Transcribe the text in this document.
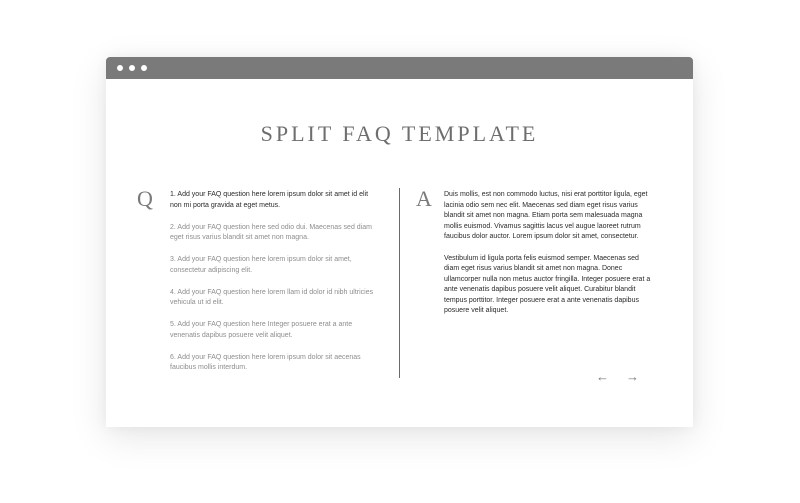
SPLIT FAQ TEMPLATE
Q 1. Add your FAQ question here lorem ipsum dolor sit amet id elit non mi porta gravida at eget metus.
2. Add your FAQ question here sed odio dui. Maecenas sed diam eget risus varius blandit sit amet non magna.
3. Add your FAQ question here lorem ipsum dolor sit amet, consectetur adipiscing elit.
4. Add your FAQ question here lorem llam id dolor id nibh ultricies vehicula ut id elit.
5. Add your FAQ question here Integer posuere erat a ante venenatis dapibus posuere velit aliquet.
6. Add your FAQ question here lorem ipsum dolor sit aecenas faucibus mollis interdum.
A Duis mollis, est non commodo luctus, nisi erat porttitor ligula, eget lacinia odio sem nec elit. Maecenas sed diam eget risus varius blandit sit amet non magna. Etiam porta sem malesuada magna mollis euismod. Vivamus sagittis lacus vel augue laoreet rutrum faucibus dolor auctor. Lorem ipsum dolor sit amet, consectetur.

Vestibulum id ligula porta felis euismod semper. Maecenas sed diam eget risus varius blandit sit amet non magna. Donec ullamcorper nulla non metus auctor fringilla. Integer posuere erat a ante venenatis dapibus posuere velit aliquet. Curabitur blandit tempus porttitor. Integer posuere erat a ante venenatis dapibus posuere velit aliquet.

← →
